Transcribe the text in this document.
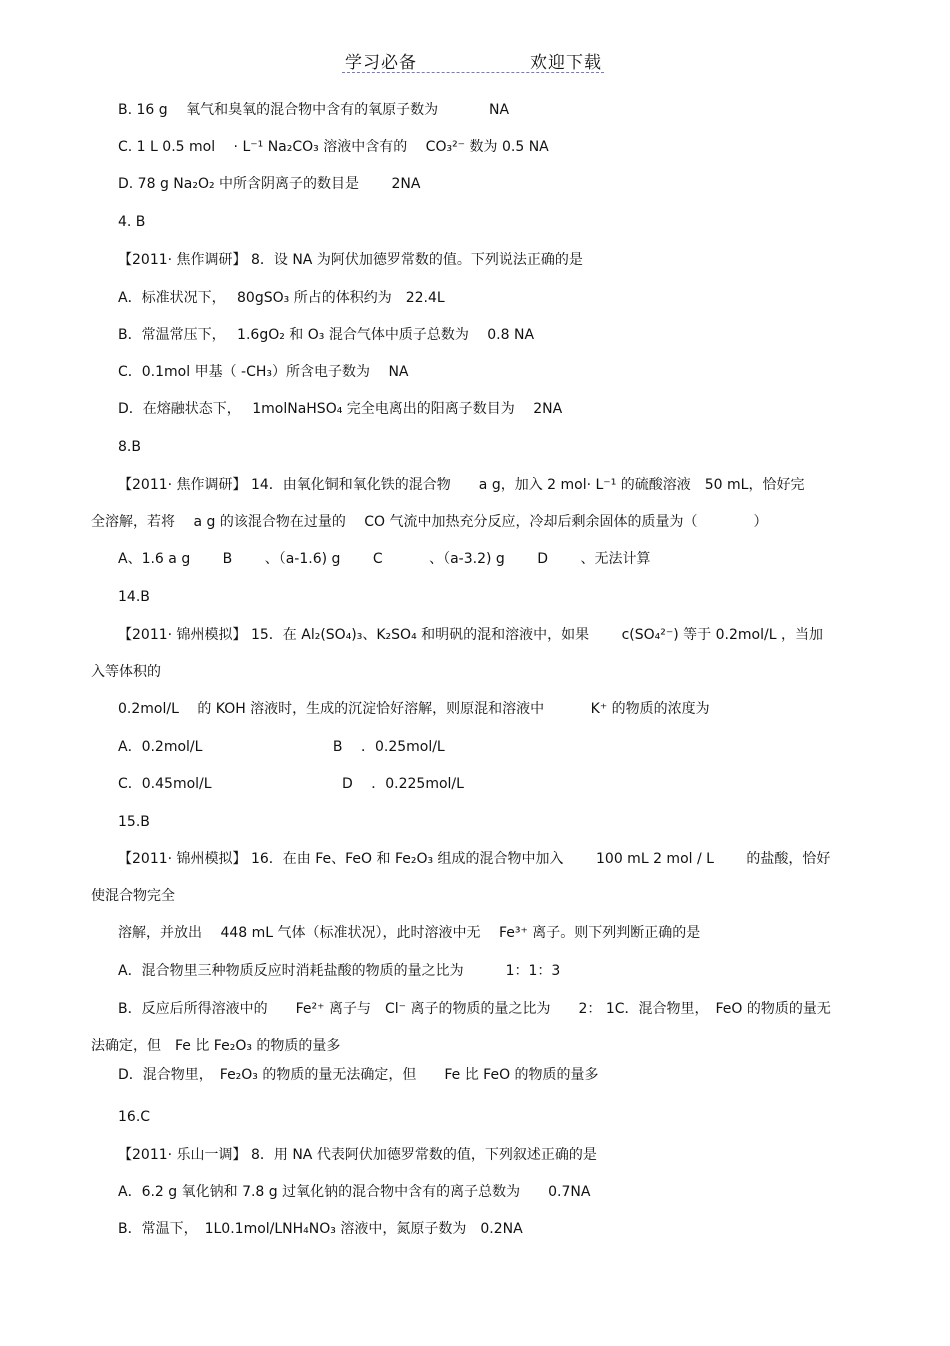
学习必备	欢迎下载
B. 16 g 　氧气和臭氧的混合物中含有的氧原子数为 　　　 NA
C. 1 L 0.5 mol 　· L⁻¹ Na₂CO₃ 溶液中含有的 　CO₃²⁻ 数为 0.5 NA
D. 78 g Na₂O₂ 中所含阴离子的数目是 　　2NA
4. B
【2011· 焦作调研】 8．设 NA 为阿伏加德罗常数的值。下列说法正确的是
A．标准状况下，　 80gSO₃ 所占的体积约为　22.4L
B．常温常压下，　 1.6gO₂ 和 O₃ 混合气体中质子总数为　 0.8 NA
C．0.1mol 甲基（ -CH₃）所含电子数为　 NA
D．在熔融状态下，　 1molNaHSO₄ 完全电离出的阳离子数目为　 2NA
8.B
【2011· 焦作调研】 14．由氧化铜和氧化铁的混合物　　a g，加入 2 mol· L⁻¹ 的硫酸溶液　50 mL，恰好完
全溶解，若将 　a g 的该混合物在过量的　 CO 气流中加热充分反应，冷却后剩余固体的质量为（　　　　）
A、1.6 a g 　　B 　　、（a-1.6) g 　　C 　　　、（a-3.2) g 　　D 　　、无法计算
14.B
【2011· 锦州模拟】 15．在 Al₂(SO₄)₃、K₂SO₄ 和明矾的混和溶液中，如果 　　c(SO₄²⁻) 等于 0.2mol/L ，当加
入等体积的
0.2mol/L 　的 KOH 溶液时，生成的沉淀恰好溶解，则原混和溶液中 　　　K⁺ 的物质的浓度为
A．0.2mol/L　　　　　　　　　 B 　．0.25mol/L
C．0.45mol/L　　　　　　　　　 D 　．0.225mol/L
15.B
【2011· 锦州模拟】 16．在由 Fe、FeO 和 Fe₂O₃ 组成的混合物中加入 　　100 mL 2 mol / L 　　的盐酸，恰好
使混合物完全
溶解，并放出　 448 mL 气体（标准状况），此时溶液中无　 Fe³⁺ 离子。则下列判断正确的是
A．混合物里三种物质反应时消耗盐酸的物质的量之比为　　　1：1：3
B．反应后所得溶液中的　　Fe²⁺ 离子与　Cl⁻ 离子的物质的量之比为　　2： 1C．混合物里，　FeO 的物质的量无
法确定，但　Fe 比 Fe₂O₃ 的物质的量多
D．混合物里，　Fe₂O₃ 的物质的量无法确定，但　　Fe 比 FeO 的物质的量多
16.C
【2011· 乐山一调】 8．用 NA 代表阿伏加德罗常数的值，下列叙述正确的是
A．6.2 g 氧化钠和 7.8 g 过氧化钠的混合物中含有的离子总数为　　0.7NA
B．常温下，　1L0.1mol/LNH₄NO₃ 溶液中，氮原子数为　0.2NA
